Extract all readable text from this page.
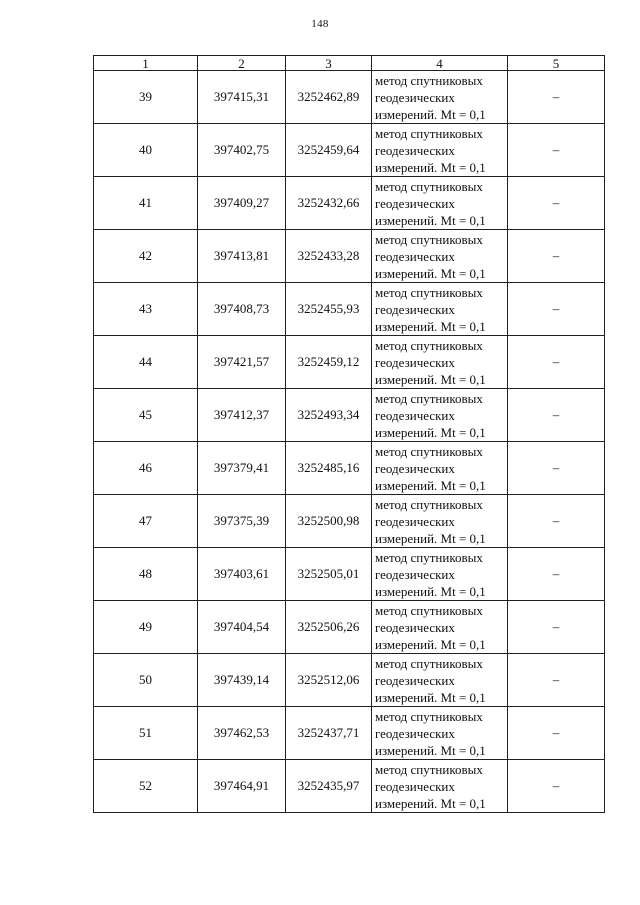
148
1	2	3	4	5
39	397415,31	3252462,89	метод спутниковых
геодезических
измерений. Mt = 0,1	–
40	397402,75	3252459,64	метод спутниковых
геодезических
измерений. Mt = 0,1	–
41	397409,27	3252432,66	метод спутниковых
геодезических
измерений. Mt = 0,1	–
42	397413,81	3252433,28	метод спутниковых
геодезических
измерений. Mt = 0,1	–
43	397408,73	3252455,93	метод спутниковых
геодезических
измерений. Mt = 0,1	–
44	397421,57	3252459,12	метод спутниковых
геодезических
измерений. Mt = 0,1	–
45	397412,37	3252493,34	метод спутниковых
геодезических
измерений. Mt = 0,1	–
46	397379,41	3252485,16	метод спутниковых
геодезических
измерений. Mt = 0,1	–
47	397375,39	3252500,98	метод спутниковых
геодезических
измерений. Mt = 0,1	–
48	397403,61	3252505,01	метод спутниковых
геодезических
измерений. Mt = 0,1	–
49	397404,54	3252506,26	метод спутниковых
геодезических
измерений. Mt = 0,1	–
50	397439,14	3252512,06	метод спутниковых
геодезических
измерений. Mt = 0,1	–
51	397462,53	3252437,71	метод спутниковых
геодезических
измерений. Mt = 0,1	–
52	397464,91	3252435,97	метод спутниковых
геодезических
измерений. Mt = 0,1	–
